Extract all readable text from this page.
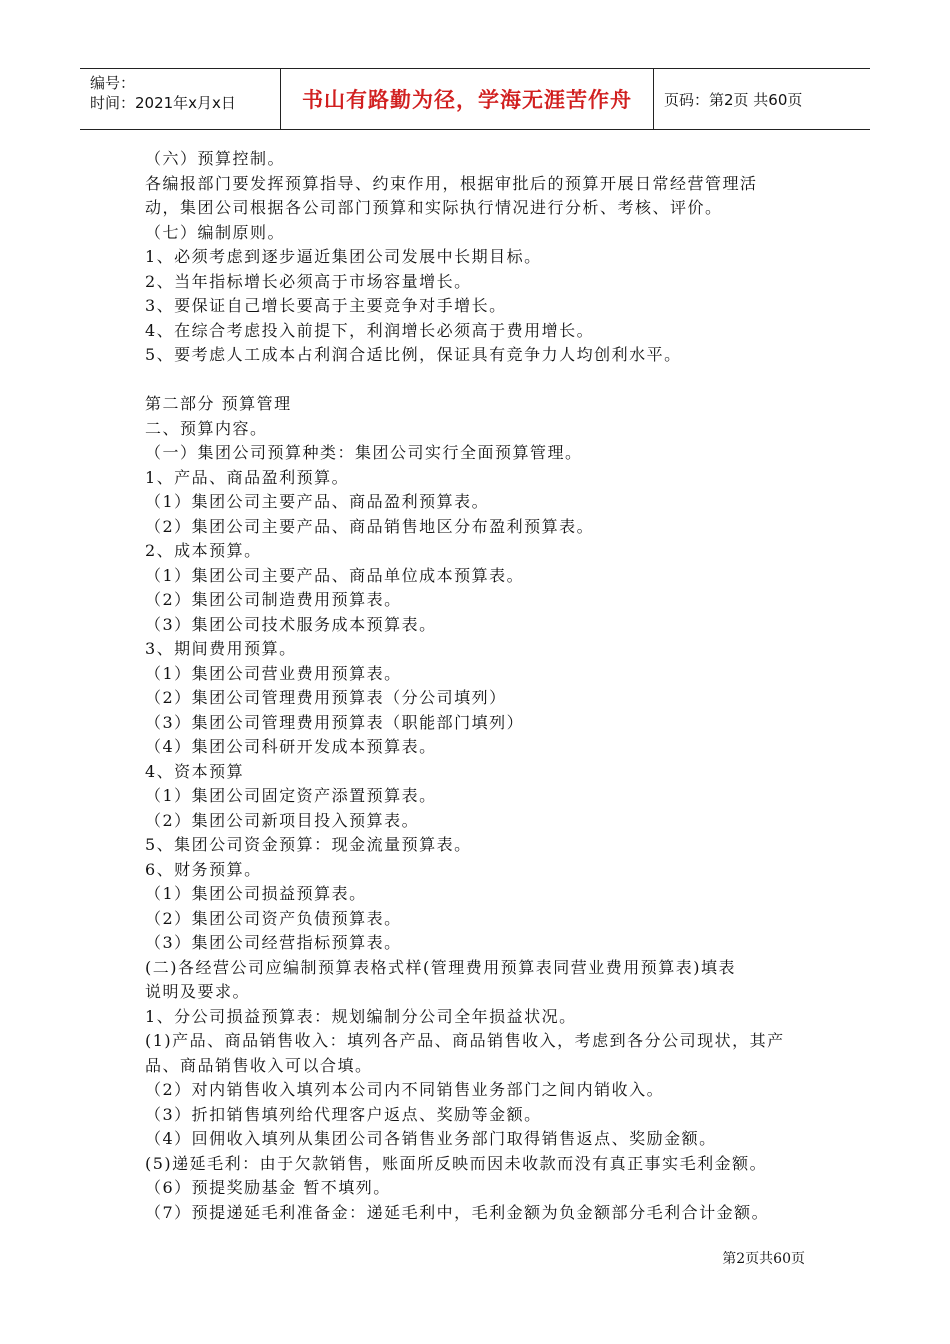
编号：
时间：2021年x月x日	书山有路勤为径，学海无涯苦作舟	页码：第2页 共60页

（六）预算控制。

各编报部门要发挥预算指导、约束作用，根据审批后的预算开展日常经营管理活

动，集团公司根据各公司部门预算和实际执行情况进行分析、考核、评价。

（七）编制原则。

1、必须考虑到逐步逼近集团公司发展中长期目标。

2、当年指标增长必须高于市场容量增长。

3、要保证自己增长要高于主要竞争对手增长。

4、在综合考虑投入前提下，利润增长必须高于费用增长。

5、要考虑人工成本占利润合适比例，保证具有竞争力人均创利水平。

第二部分 预算管理

二、预算内容。

（一）集团公司预算种类：集团公司实行全面预算管理。

1、产品、商品盈利预算。

（1）集团公司主要产品、商品盈利预算表。

（2）集团公司主要产品、商品销售地区分布盈利预算表。

2、成本预算。

（1）集团公司主要产品、商品单位成本预算表。

（2）集团公司制造费用预算表。

（3）集团公司技术服务成本预算表。

3、期间费用预算。

（1）集团公司营业费用预算表。

（2）集团公司管理费用预算表（分公司填列）

（3）集团公司管理费用预算表（职能部门填列）

（4）集团公司科研开发成本预算表。

4、资本预算

（1）集团公司固定资产添置预算表。

（2）集团公司新项目投入预算表。

5、集团公司资金预算：现金流量预算表。

6、财务预算。

（1）集团公司损益预算表。

（2）集团公司资产负债预算表。

（3）集团公司经营指标预算表。

(二)各经营公司应编制预算表格式样(管理费用预算表同营业费用预算表)填表

说明及要求。

1、分公司损益预算表：规划编制分公司全年损益状况。

(1)产品、商品销售收入：填列各产品、商品销售收入，考虑到各分公司现状，其产

品、商品销售收入可以合填。

（2）对内销售收入填列本公司内不同销售业务部门之间内销收入。

（3）折扣销售填列给代理客户返点、奖励等金额。

（4）回佣收入填列从集团公司各销售业务部门取得销售返点、奖励金额。

(5)递延毛利：由于欠款销售，账面所反映而因未收款而没有真正事实毛利金额。

（6）预提奖励基金 暂不填列。

（7）预提递延毛利准备金：递延毛利中，毛利金额为负金额部分毛利合计金额。

第2页共60页
